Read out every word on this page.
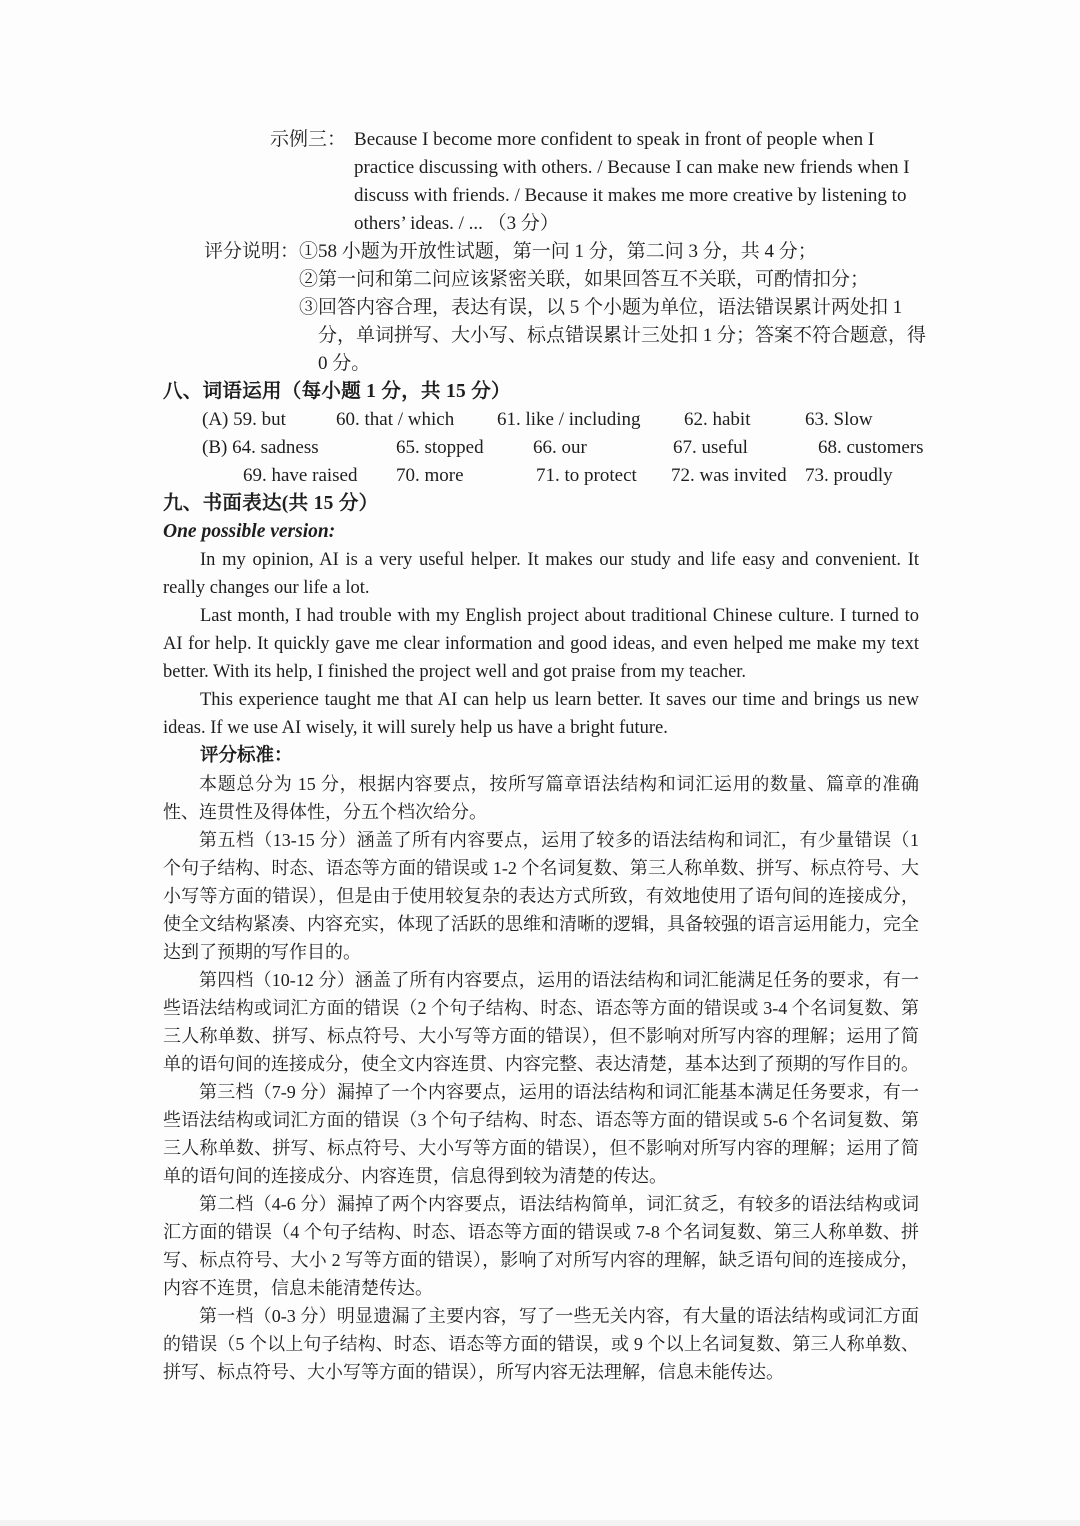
示例三： Because I become more confident to speak in front of people when I
practice discussing with others. / Because I can make new friends when I
discuss with friends. / Because it makes me more creative by listening to
others’ ideas. / ... （3 分）
评分说明： ①58 小题为开放性试题，第一问 1 分，第二问 3 分，共 4 分；
②第一问和第二问应该紧密关联，如果回答互不关联，可酌情扣分；
③回答内容合理，表达有误，以 5 个小题为单位，语法错误累计两处扣 1
分，单词拼写、大小写、标点错误累计三处扣 1 分；答案不符合题意，得
0 分。
八、词语运用（每小题 1 分，共 15 分）
(A) 59. but	60. that / which 61. like / including 62. habit	63. Slow
(B) 64. sadness	65. stopped	66. our	67. useful	68. customers
69. have raised 70. more	71. to protect 72. was invited 73. proudly
九、书面表达(共 15 分）
One possible version:

In my opinion, AI is a very useful helper. It makes our study and life easy and convenient. It really changes our life a lot.

Last month, I had trouble with my English project about traditional Chinese culture. I turned to AI for help. It quickly gave me clear information and good ideas, and even helped me make my text better. With its help, I finished the project well and got praise from my teacher.

This experience taught me that AI can help us learn better. It saves our time and brings us new ideas. If we use AI wisely, it will surely help us have a bright future.

评分标准：

本题总分为 15 分，根据内容要点，按所写篇章语法结构和词汇运用的数量、篇章的准确性、连贯性及得体性，分五个档次给分。

第五档（13-15 分）涵盖了所有内容要点，运用了较多的语法结构和词汇，有少量错误（1 个句子结构、时态、语态等方面的错误或 1-2 个名词复数、第三人称单数、拼写、标点符号、大小写等方面的错误），但是由于使用较复杂的表达方式所致，有效地使用了语句间的连接成分，使全文结构紧凑、内容充实，体现了活跃的思维和清晰的逻辑，具备较强的语言运用能力，完全达到了预期的写作目的。

第四档（10-12 分）涵盖了所有内容要点，运用的语法结构和词汇能满足任务的要求，有一些语法结构或词汇方面的错误（2 个句子结构、时态、语态等方面的错误或 3-4 个名词复数、第三人称单数、拼写、标点符号、大小写等方面的错误），但不影响对所写内容的理解；运用了简单的语句间的连接成分，使全文内容连贯、内容完整、表达清楚，基本达到了预期的写作目的。

第三档（7-9 分）漏掉了一个内容要点，运用的语法结构和词汇能基本满足任务要求，有一些语法结构或词汇方面的错误（3 个句子结构、时态、语态等方面的错误或 5-6 个名词复数、第三人称单数、拼写、标点符号、大小写等方面的错误），但不影响对所写内容的理解；运用了简单的语句间的连接成分、内容连贯，信息得到较为清楚的传达。

第二档（4-6 分）漏掉了两个内容要点，语法结构简单，词汇贫乏，有较多的语法结构或词汇方面的错误（4 个句子结构、时态、语态等方面的错误或 7-8 个名词复数、第三人称单数、拼写、标点符号、大小 2 写等方面的错误），影响了对所写内容的理解，缺乏语句间的连接成分，内容不连贯，信息未能清楚传达。

第一档（0-3 分）明显遗漏了主要内容，写了一些无关内容，有大量的语法结构或词汇方面的错误（5 个以上句子结构、时态、语态等方面的错误，或 9 个以上名词复数、第三人称单数、拼写、标点符号、大小写等方面的错误），所写内容无法理解，信息未能传达。
